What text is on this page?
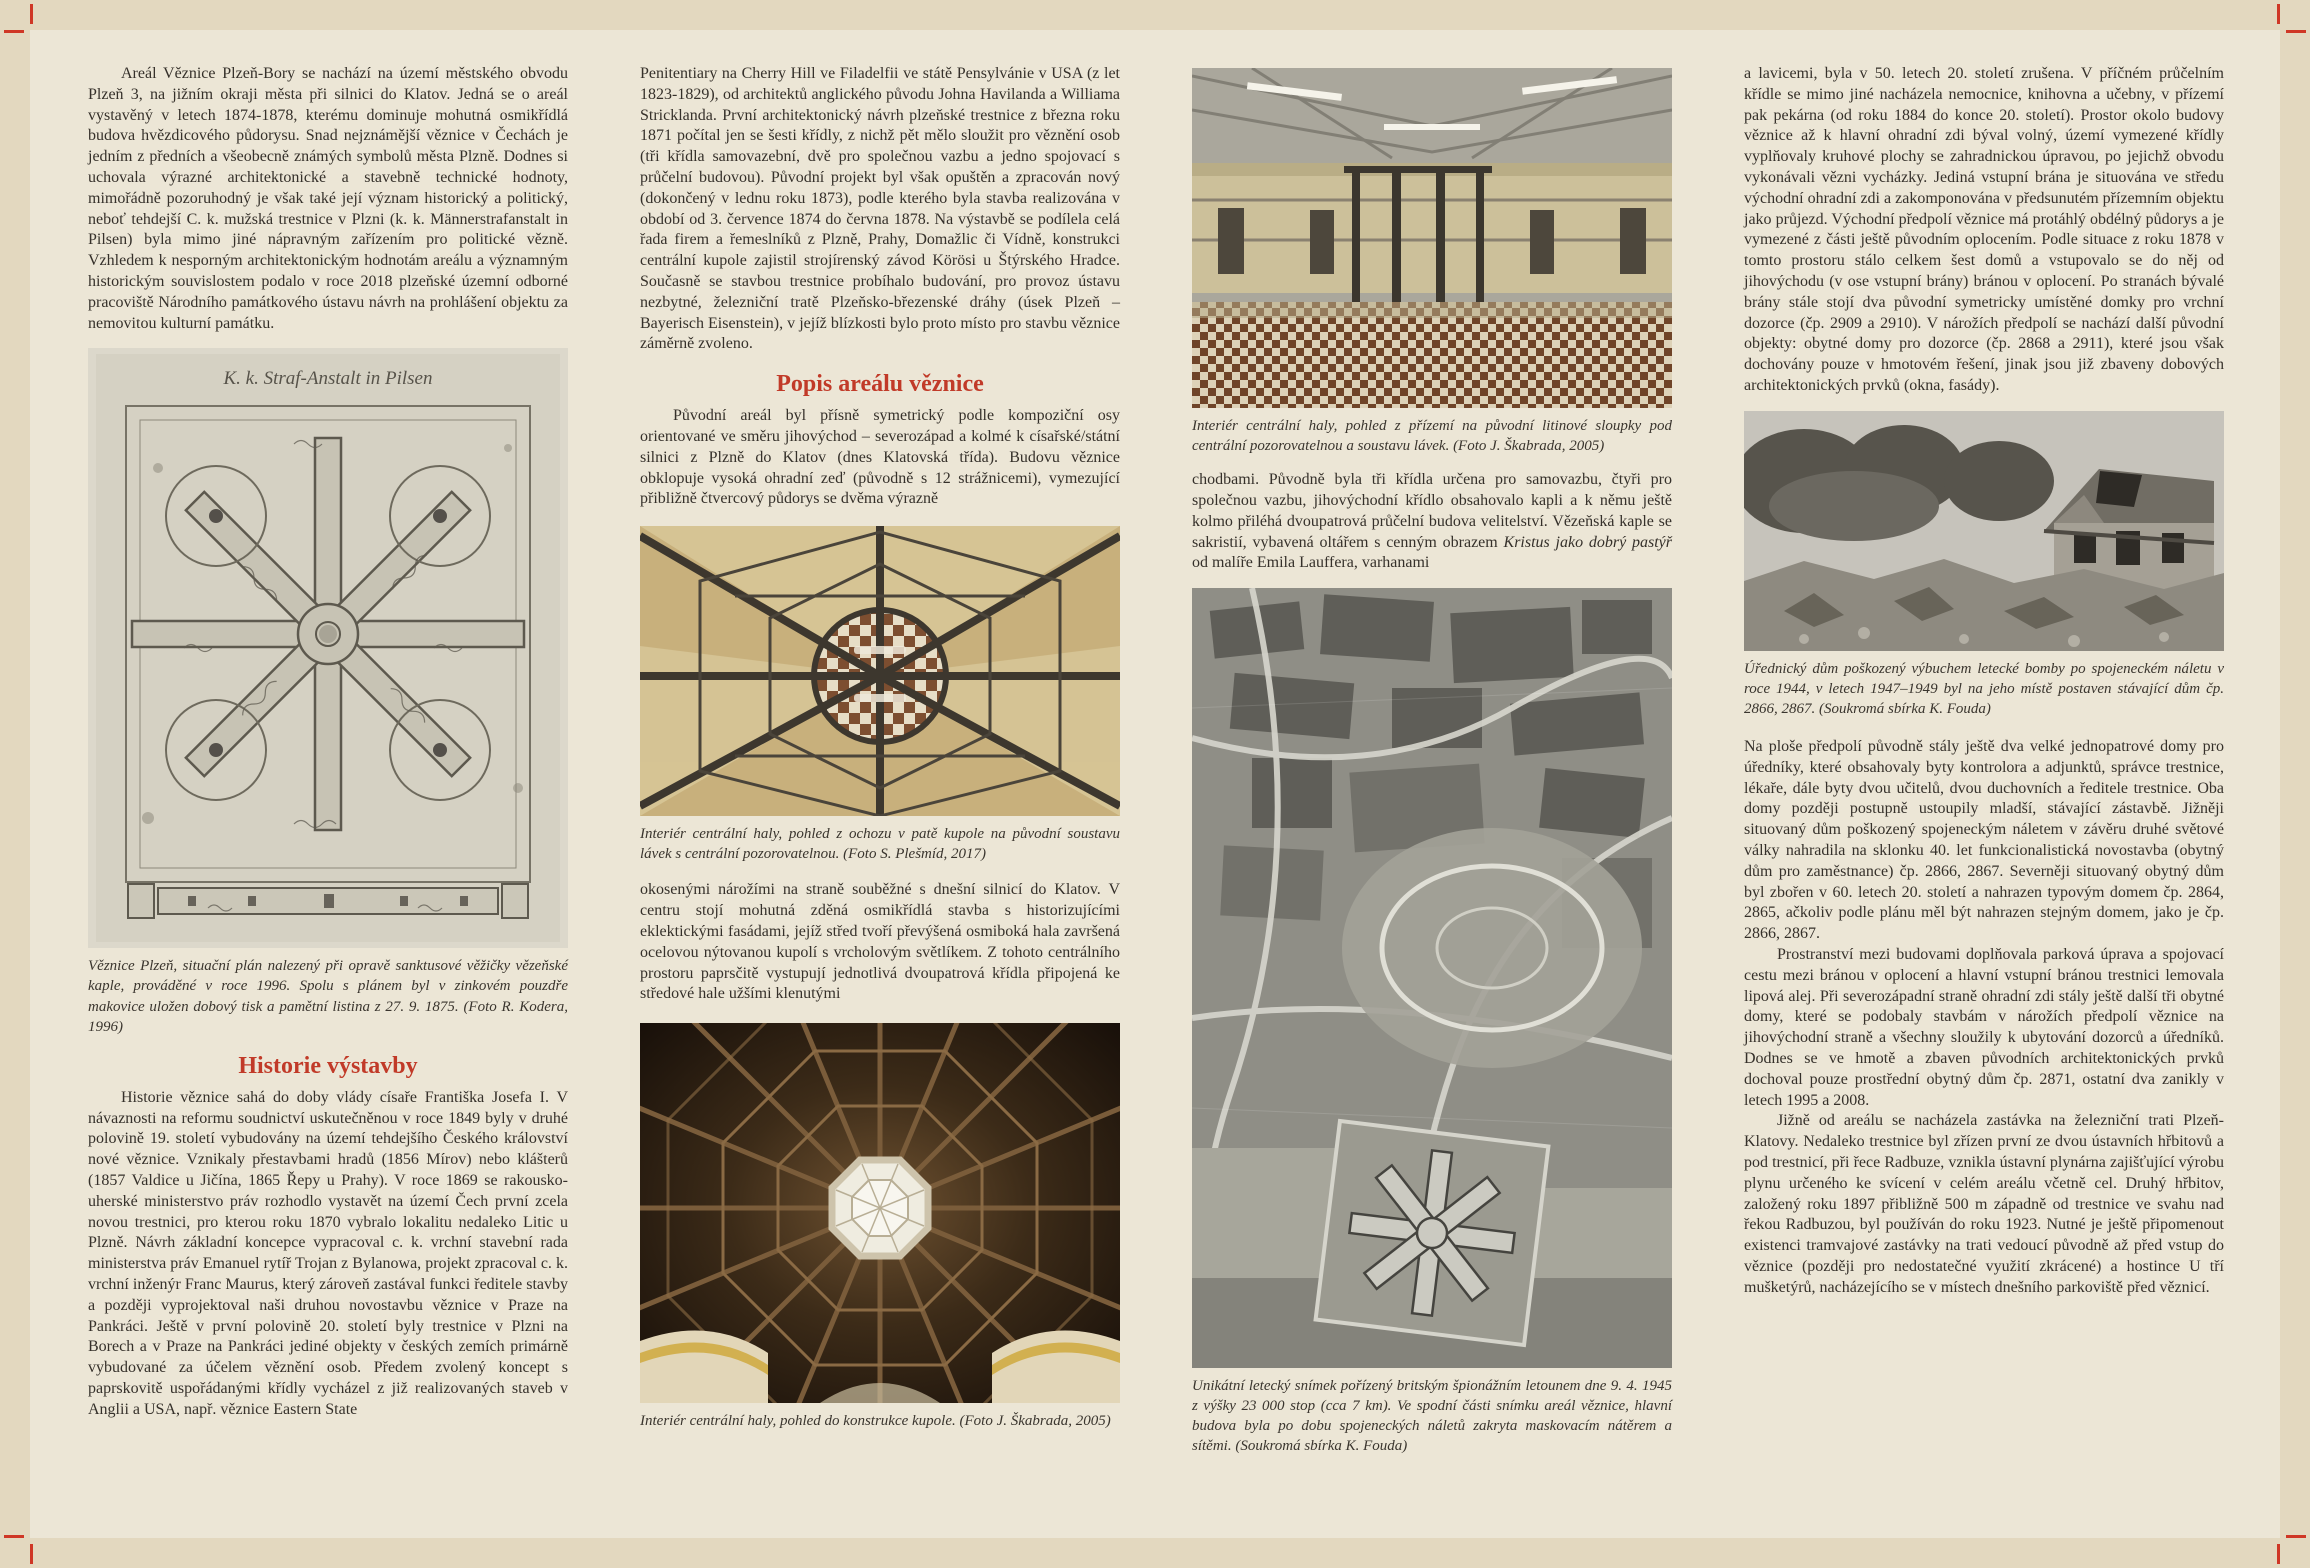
Areál Věznice Plzeň-Bory se nachází na území městského obvodu Plzeň 3, na jižním okraji města při silnici do Klatov. Jedná se o areál vystavěný v letech 1874-1878, kterému dominuje mohutná osmikřídlá budova hvězdicového půdorysu. Snad nejznámější věznice v Čechách je jedním z předních a všeobecně známých symbolů města Plzně. Dodnes si uchovala výrazné architektonické a stavebně technické hodnoty, mimořádně pozoruhodný je však také její význam historický a politický, neboť tehdejší C. k. mužská trestnice v Plzni (k. k. Männerstrafanstalt in Pilsen) byla mimo jiné nápravným zařízením pro politické vězně. Vzhledem k nesporným architektonickým hodnotám areálu a významným historickým souvislostem podalo v roce 2018 plzeňské územní odborné pracoviště Národního památkového ústavu návrh na prohlášení objektu za nemovitou kulturní památku.

K. k. Straf-Anstalt in Pilsen

Věznice Plzeň, situační plán nalezený při opravě sanktusové věžičky vězeňské kaple, prováděné v roce 1996. Spolu s plánem byl v zinkovém pouzdře makovice uložen dobový tisk a pamětní listina z 27. 9. 1875. (Foto R. Kodera, 1996)

Historie výstavby

Historie věznice sahá do doby vlády císaře Františka Josefa I. V návaznosti na reformu soudnictví uskutečněnou v roce 1849 byly v druhé polovině 19. století vybudovány na území tehdejšího Českého království nové věznice. Vznikaly přestavbami hradů (1856 Mírov) nebo klášterů (1857 Valdice u Jičína, 1865 Řepy u Prahy). V roce 1869 se rakousko-uherské ministerstvo práv rozhodlo vystavět na území Čech první zcela novou trestnici, pro kterou roku 1870 vybralo lokalitu nedaleko Litic u Plzně. Návrh základní koncepce vypracoval c. k. vrchní stavební rada ministerstva práv Emanuel rytíř Trojan z Bylanowa, projekt zpracoval c. k. vrchní inženýr Franc Maurus, který zároveň zastával funkci ředitele stavby a později vyprojektoval naši druhou novostavbu věznice v Praze na Pankráci. Ještě v první polovině 20. století byly trestnice v Plzni na Borech a v Praze na Pankráci jediné objekty v českých zemích primárně vybudované za účelem věznění osob. Předem zvolený koncept s paprskovitě uspořádanými křídly vycházel z již realizovaných staveb v Anglii a USA, např. věznice Eastern State

Penitentiary na Cherry Hill ve Filadelfii ve státě Pensylvánie v USA (z let 1823-1829), od architektů anglického původu Johna Havilanda a Williama Stricklanda. První architektonický návrh plzeňské trestnice z března roku 1871 počítal jen se šesti křídly, z nichž pět mělo sloužit pro věznění osob (tři křídla samovazební, dvě pro společnou vazbu a jedno spojovací s průčelní budovou). Původní projekt byl však opuštěn a zpracován nový (dokončený v lednu roku 1873), podle kterého byla stavba realizována v období od 3. července 1874 do června 1878. Na výstavbě se podílela celá řada firem a řemeslníků z Plzně, Prahy, Domažlic či Vídně, konstrukci centrální kupole zajistil strojírenský závod Körösi u Štýrského Hradce. Současně se stavbou trestnice probíhalo budování, pro provoz ústavu nezbytné, železniční tratě Plzeňsko-březenské dráhy (úsek Plzeň – Bayerisch Eisenstein), v jejíž blízkosti bylo proto místo pro stavbu věznice záměrně zvoleno.

Popis areálu věznice

Původní areál byl přísně symetrický podle kompoziční osy orientované ve směru jihovýchod – severozápad a kolmé k císařské/státní silnici z Plzně do Klatov (dnes Klatovská třída). Budovu věznice obklopuje vysoká ohradní zeď (původně s 12 strážnicemi), vymezující přibližně čtvercový půdorys se dvěma výrazně

Interiér centrální haly, pohled z ochozu v patě kupole na původní soustavu lávek s centrální pozorovatelnou. (Foto S. Plešmíd, 2017)

okosenými nárožími na straně souběžné s dnešní silnicí do Klatov. V centru stojí mohutná zděná osmikřídlá stavba s historizujícími eklektickými fasádami, jejíž střed tvoří převýšená osmiboká hala završená ocelovou nýtovanou kupolí s vrcholovým světlíkem. Z tohoto centrálního prostoru paprsčitě vystupují jednotlivá dvoupatrová křídla připojená ke středové hale užšími klenutými

Interiér centrální haly, pohled do konstrukce kupole. (Foto J. Škabrada, 2005)

Interiér centrální haly, pohled z přízemí na původní litinové sloupky pod centrální pozorovatelnou a soustavu lávek. (Foto J. Škabrada, 2005)

chodbami. Původně byla tři křídla určena pro samovazbu, čtyři pro společnou vazbu, jihovýchodní křídlo obsahovalo kapli a k němu ještě kolmo přiléhá dvoupatrová průčelní budova velitelství. Vězeňská kaple se sakristií, vybavená oltářem s cenným obrazem Kristus jako dobrý pastýř od malíře Emila Lauffera, varhanami

Unikátní letecký snímek pořízený britským špionážním letounem dne 9. 4. 1945 z výšky 23 000 stop (cca 7 km). Ve spodní části snímku areál věznice, hlavní budova byla po dobu spojeneckých náletů zakryta maskovacím nátěrem a sítěmi. (Soukromá sbírka K. Fouda)

a lavicemi, byla v 50. letech 20. století zrušena. V příčném průčelním křídle se mimo jiné nacházela nemocnice, knihovna a učebny, v přízemí pak pekárna (od roku 1884 do konce 20. století). Prostor okolo budovy věznice až k hlavní ohradní zdi býval volný, území vymezené křídly vyplňovaly kruhové plochy se zahradnickou úpravou, po jejichž obvodu vykonávali vězni vycházky. Jediná vstupní brána je situována ve středu východní ohradní zdi a zakomponována v předsunutém přízemním objektu jako průjezd. Východní předpolí věznice má protáhlý obdélný půdorys a je vymezené z části ještě původním oplocením. Podle situace z roku 1878 v tomto prostoru stálo celkem šest domů a vstupovalo se do něj od jihovýchodu (v ose vstupní brány) bránou v oplocení. Po stranách bývalé brány stále stojí dva původní symetricky umístěné domky pro vrchní dozorce (čp. 2909 a 2910). V nárožích předpolí se nachází další původní objekty: obytné domy pro dozorce (čp. 2868 a 2911), které jsou však dochovány pouze v hmotovém řešení, jinak jsou již zbaveny dobových architektonických prvků (okna, fasády).

Úřednický dům poškozený výbuchem letecké bomby po spojeneckém náletu v roce 1944, v letech 1947–1949 byl na jeho místě postaven stávající dům čp. 2866, 2867. (Soukromá sbírka K. Fouda)

Na ploše předpolí původně stály ještě dva velké jednopatrové domy pro úředníky, které obsahovaly byty kontrolora a adjunktů, správce trestnice, lékaře, dále byty dvou učitelů, dvou duchovních a ředitele trestnice. Oba domy později postupně ustoupily mladší, stávající zástavbě. Jižněji situovaný dům poškozený spojeneckým náletem v závěru druhé světové války nahradila na sklonku 40. let funkcionalistická novostavba (obytný dům pro zaměstnance) čp. 2866, 2867. Severněji situovaný obytný dům byl zbořen v 60. letech 20. století a nahrazen typovým domem čp. 2864, 2865, ačkoliv podle plánu měl být nahrazen stejným domem, jako je čp. 2866, 2867.

Prostranství mezi budovami doplňovala parková úprava a spojovací cestu mezi bránou v oplocení a hlavní vstupní bránou trestnici lemovala lipová alej. Při severozápadní straně ohradní zdi stály ještě další tři obytné domy, které se podobaly stavbám v nárožích předpolí věznice na jihovýchodní straně a všechny sloužily k ubytování dozorců a úředníků. Dodnes se ve hmotě a zbaven původních architektonických prvků dochoval pouze prostřední obytný dům čp. 2871, ostatní dva zanikly v letech 1995 a 2008.

Jižně od areálu se nacházela zastávka na železniční trati Plzeň-Klatovy. Nedaleko trestnice byl zřízen první ze dvou ústavních hřbitovů a pod trestnicí, při řece Radbuze, vznikla ústavní plynárna zajišťující výrobu plynu určeného ke svícení v celém areálu včetně cel. Druhý hřbitov, založený roku 1897 přibližně 500 m západně od trestnice ve svahu nad řekou Radbuzou, byl používán do roku 1923. Nutné je ještě připomenout existenci tramvajové zastávky na trati vedoucí původně až před vstup do věznice (později pro nedostatečné využití zkrácené) a hostince U tří mušketýrů, nacházejícího se v místech dnešního parkoviště před věznicí.
